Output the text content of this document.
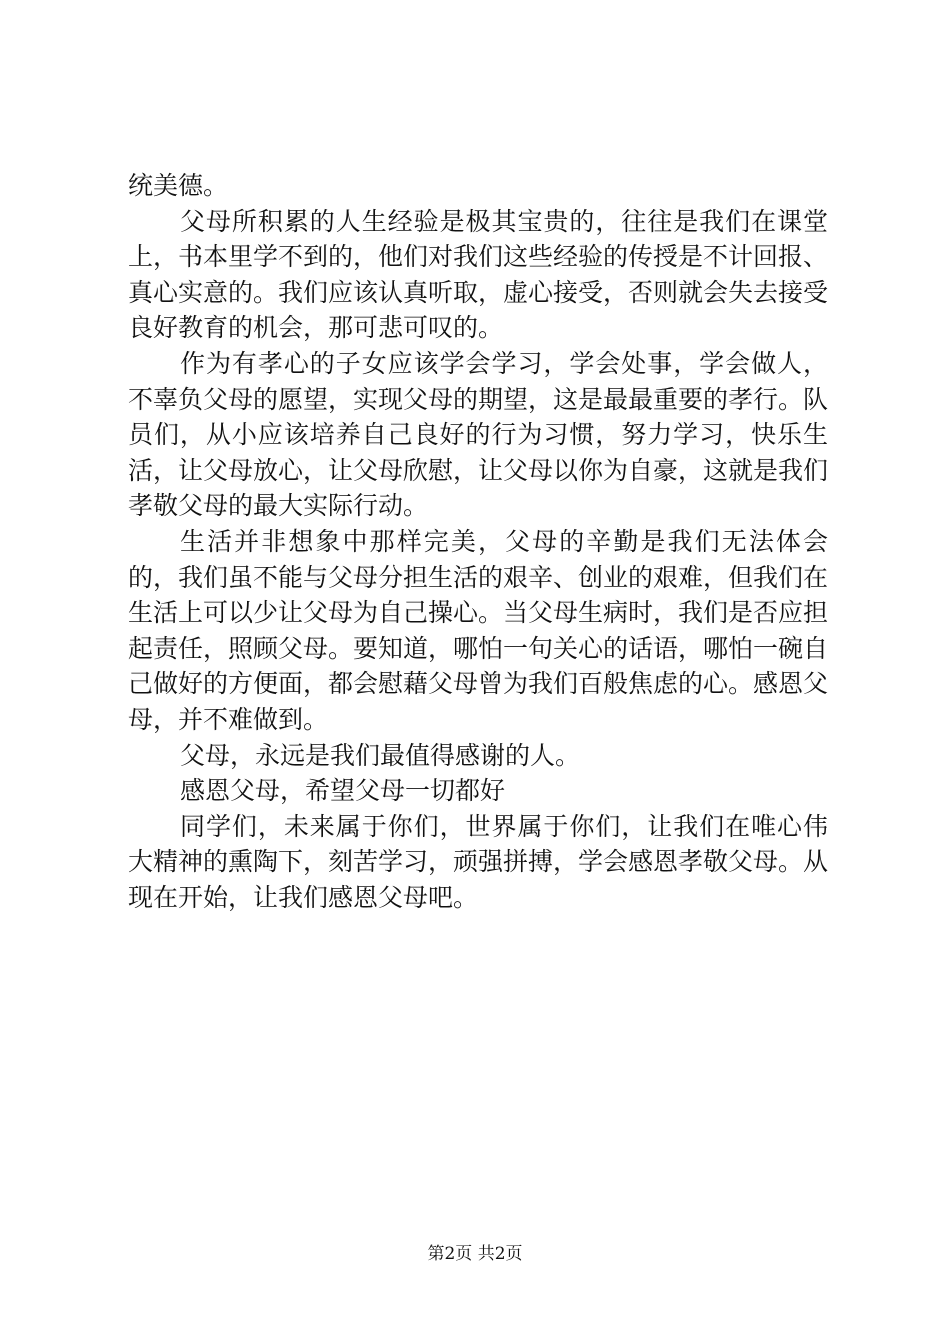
统美德。

父母所积累的人生经验是极其宝贵的，往往是我们在课堂上，书本里学不到的，他们对我们这些经验的传授是不计回报、真心实意的。我们应该认真听取，虚心接受，否则就会失去接受良好教育的机会，那可悲可叹的。

作为有孝心的子女应该学会学习，学会处事，学会做人，不辜负父母的愿望，实现父母的期望，这是最最重要的孝行。队员们，从小应该培养自己良好的行为习惯，努力学习，快乐生活，让父母放心，让父母欣慰，让父母以你为自豪，这就是我们孝敬父母的最大实际行动。

生活并非想象中那样完美，父母的辛勤是我们无法体会的，我们虽不能与父母分担生活的艰辛、创业的艰难，但我们在生活上可以少让父母为自己操心。当父母生病时，我们是否应担起责任，照顾父母。要知道，哪怕一句关心的话语，哪怕一碗自己做好的方便面，都会慰藉父母曾为我们百般焦虑的心。感恩父母，并不难做到。

父母，永远是我们最值得感谢的人。

感恩父母，希望父母一切都好

同学们，未来属于你们，世界属于你们，让我们在唯心伟大精神的熏陶下，刻苦学习，顽强拼搏，学会感恩孝敬父母。从现在开始，让我们感恩父母吧。

第2页 共2页
